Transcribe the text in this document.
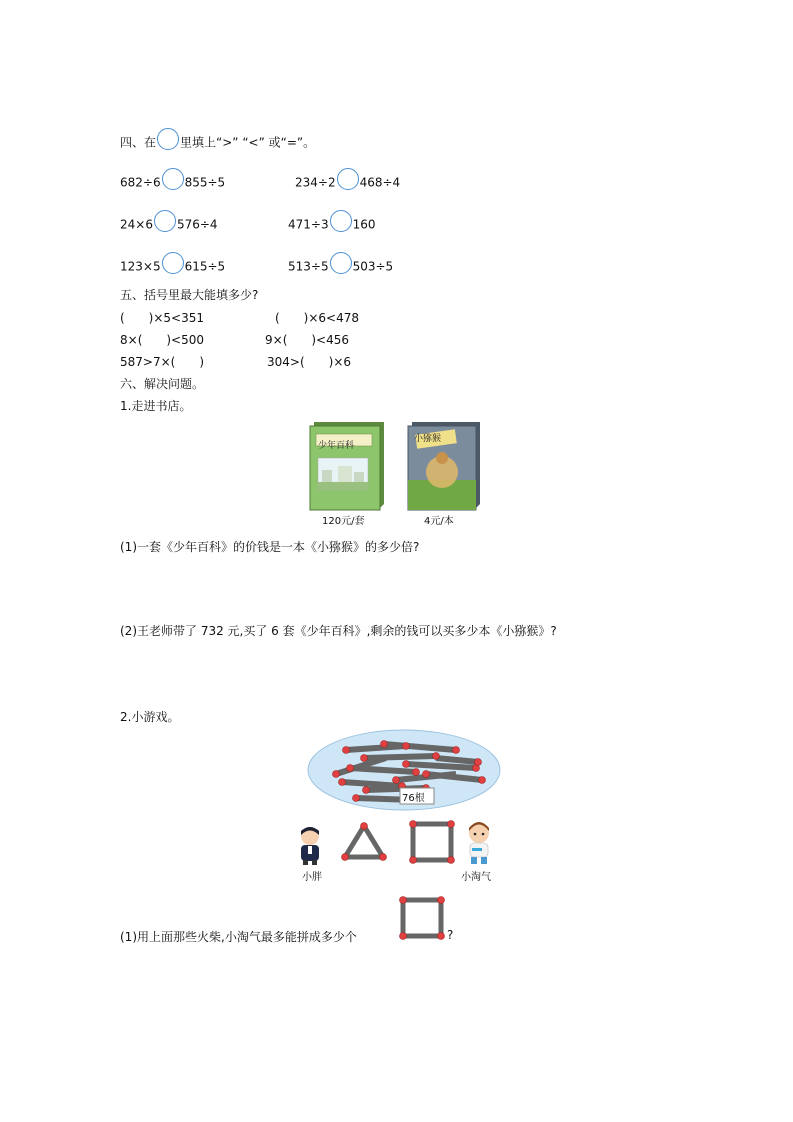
四、在 里填上“>” “<” 或“=”。
682÷6 855÷5	234÷2 468÷4
24×6 576÷4	471÷3 160
123×5 615÷5	513÷5 503÷5
五、括号里最大能填多少?
(　　)×5<351	(　　)×6<478
8×(　　)<500	9×(　　)<456
587>7×(　　)	304>(　　)×6
六、解决问题。
1.走进书店。
少年百科
120元/套
小猕猴
4元/本
(1)一套《少年百科》的价钱是一本《小猕猴》的多少倍?
(2)王老师带了 732 元,买了 6 套《少年百科》,剩余的钱可以买多少本《小猕猴》?
2.小游戏。
76根
小胖	小淘气
(1)用上面那些火柴,小淘气最多能拼成多少个	?
